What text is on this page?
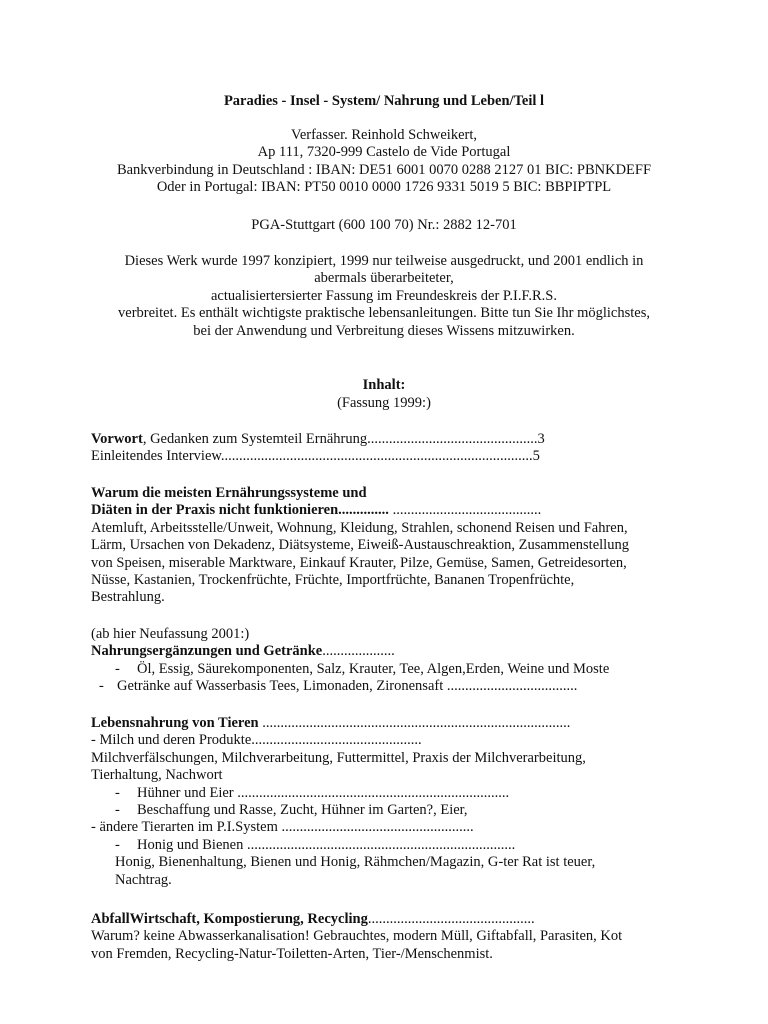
Paradies - Insel - System/ Nahrung und Leben/Teil l
Verfasser. Reinhold Schweikert,
Ap 111, 7320-999 Castelo de Vide Portugal
Bankverbindung in Deutschland : IBAN: DE51 6001 0070 0288 2127 01 BIC: PBNKDEFF
Oder in Portugal: IBAN: PT50 0010 0000 1726 9331 5019 5 BIC: BBPIPTPL
PGA-Stuttgart (600 100 70) Nr.: 2882 12-701
Dieses Werk wurde 1997 konzipiert, 1999 nur teilweise ausgedruckt, und 2001 endlich in
abermals überarbeiteter,
actualisiertersierter Fassung im Freundeskreis der P.I.F.R.S.
verbreitet. Es enthält wichtigste praktische lebensanleitungen. Bitte tun Sie Ihr möglichstes,
bei der Anwendung und Verbreitung dieses Wissens mitzuwirken.
Inhalt:
(Fassung 1999:)
Vorwort, Gedanken zum Systemteil Ernährung...............................................3
Einleitendes Interview......................................................................................5
Warum die meisten Ernährungssysteme und
Diäten in der Praxis nicht funktionieren.............. .........................................
Atemluft, Arbeitsstelle/Unweit, Wohnung, Kleidung, Strahlen, schonend Reisen und Fahren,
Lärm, Ursachen von Dekadenz, Diätsysteme, Eiweiß-Austauschreaktion, Zusammenstellung
von Speisen, miserable Marktware, Einkauf Krauter, Pilze, Gemüse, Samen, Getreidesorten,
Nüsse, Kastanien, Trockenfrüchte, Früchte, Importfrüchte, Bananen Tropenfrüchte,
Bestrahlung.
(ab hier Neufassung 2001:)
Nahrungsergänzungen und Getränke....................
- Öl, Essig, Säurekomponenten, Salz, Krauter, Tee, Algen,Erden, Weine und Moste
- Getränke auf Wasserbasis Tees, Limonaden, Zironensaft ....................................
Lebensnahrung von Tieren .....................................................................................
- Milch und deren Produkte...............................................
Milchverfälschungen, Milchverarbeitung, Futtermittel, Praxis der Milchverarbeitung,
Tierhaltung, Nachwort
- Hühner und Eier ...........................................................................
- Beschaffung und Rasse, Zucht, Hühner im Garten?, Eier,
- ändere Tierarten im P.I.System .....................................................
- Honig und Bienen ..........................................................................
Honig, Bienenhaltung, Bienen und Honig, Rähmchen/Magazin, G-ter Rat ist teuer,
Nachtrag.
AbfallWirtschaft, Kompostierung, Recycling..............................................
Warum? keine Abwasserkanalisation! Gebrauchtes, modern Müll, Giftabfall, Parasiten, Kot
von Fremden, Recycling-Natur-Toiletten-Arten, Tier-/Menschenmist.
